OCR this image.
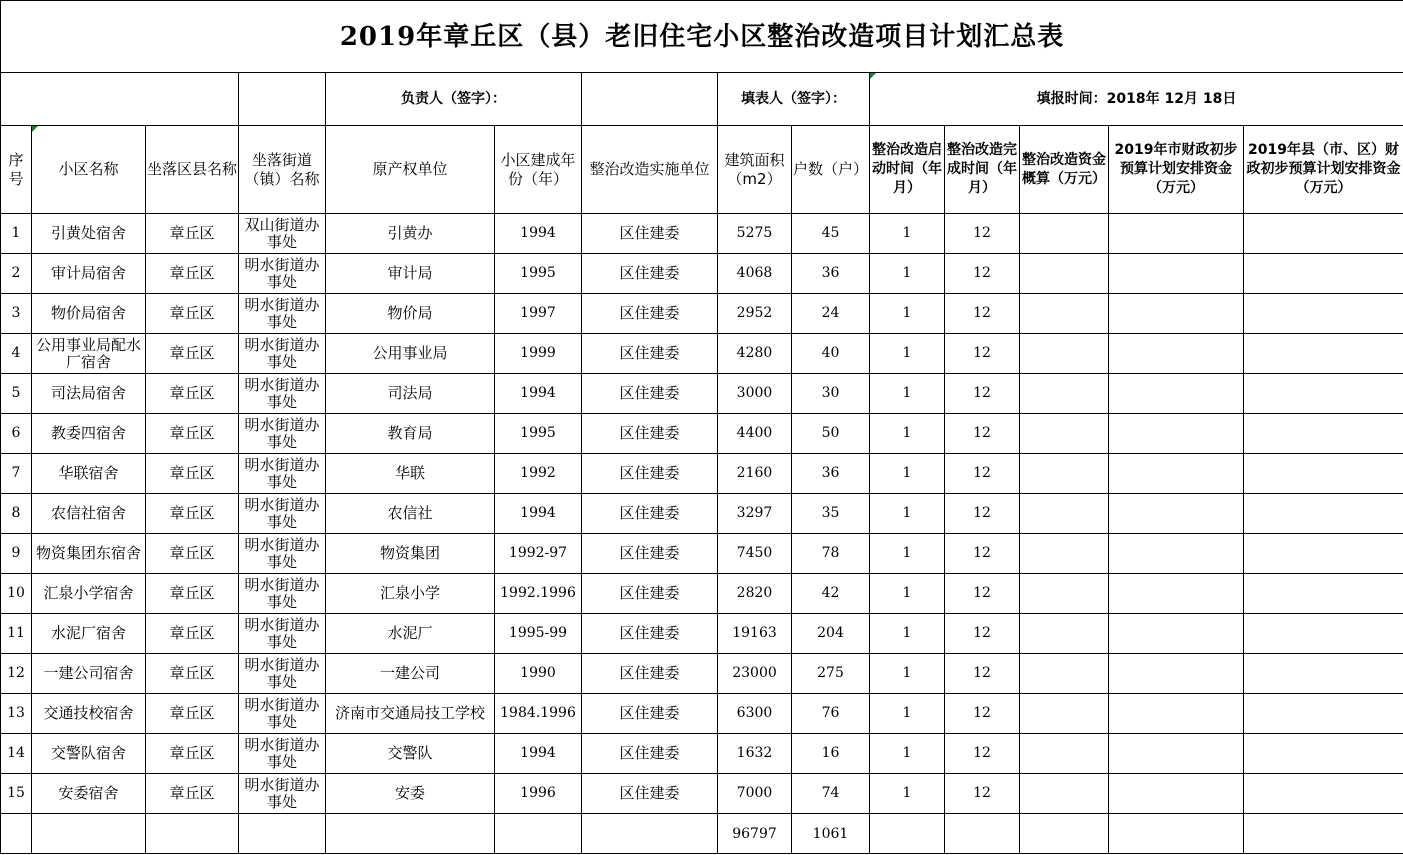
2019年章丘区（县）老旧住宅小区整治改造项目计划汇总表													
				负责人（签字）：			填表人（签字）：		填报时间：2018年 12月 18日				
序号	小区名称	坐落区县名称	坐落街道（镇）名称	原产权单位	小区建成年份（年）	整治改造实施单位	建筑面积（m2）	户数（户）	整治改造启动时间（年月）	整治改造完成时间（年月）	整治改造资金概算（万元）	2019年市财政初步预算计划安排资金（万元）	2019年县（市、区）财政初步预算计划安排资金（万元）
1	引黄处宿舍	章丘区	双山街道办事处	引黄办	1994	区住建委	5275	45	1	12			
2	审计局宿舍	章丘区	明水街道办事处	审计局	1995	区住建委	4068	36	1	12			
3	物价局宿舍	章丘区	明水街道办事处	物价局	1997	区住建委	2952	24	1	12			
4	公用事业局配水厂宿舍	章丘区	明水街道办事处	公用事业局	1999	区住建委	4280	40	1	12			
5	司法局宿舍	章丘区	明水街道办事处	司法局	1994	区住建委	3000	30	1	12			
6	教委四宿舍	章丘区	明水街道办事处	教育局	1995	区住建委	4400	50	1	12			
7	华联宿舍	章丘区	明水街道办事处	华联	1992	区住建委	2160	36	1	12			
8	农信社宿舍	章丘区	明水街道办事处	农信社	1994	区住建委	3297	35	1	12			
9	物资集团东宿舍	章丘区	明水街道办事处	物资集团	1992-97	区住建委	7450	78	1	12			
10	汇泉小学宿舍	章丘区	明水街道办事处	汇泉小学	1992.1996	区住建委	2820	42	1	12			
11	水泥厂宿舍	章丘区	明水街道办事处	水泥厂	1995-99	区住建委	19163	204	1	12			
12	一建公司宿舍	章丘区	明水街道办事处	一建公司	1990	区住建委	23000	275	1	12			
13	交通技校宿舍	章丘区	明水街道办事处	济南市交通局技工学校	1984.1996	区住建委	6300	76	1	12			
14	交警队宿舍	章丘区	明水街道办事处	交警队	1994	区住建委	1632	16	1	12			
15	安委宿舍	章丘区	明水街道办事处	安委	1996	区住建委	7000	74	1	12			
							96797	1061					
